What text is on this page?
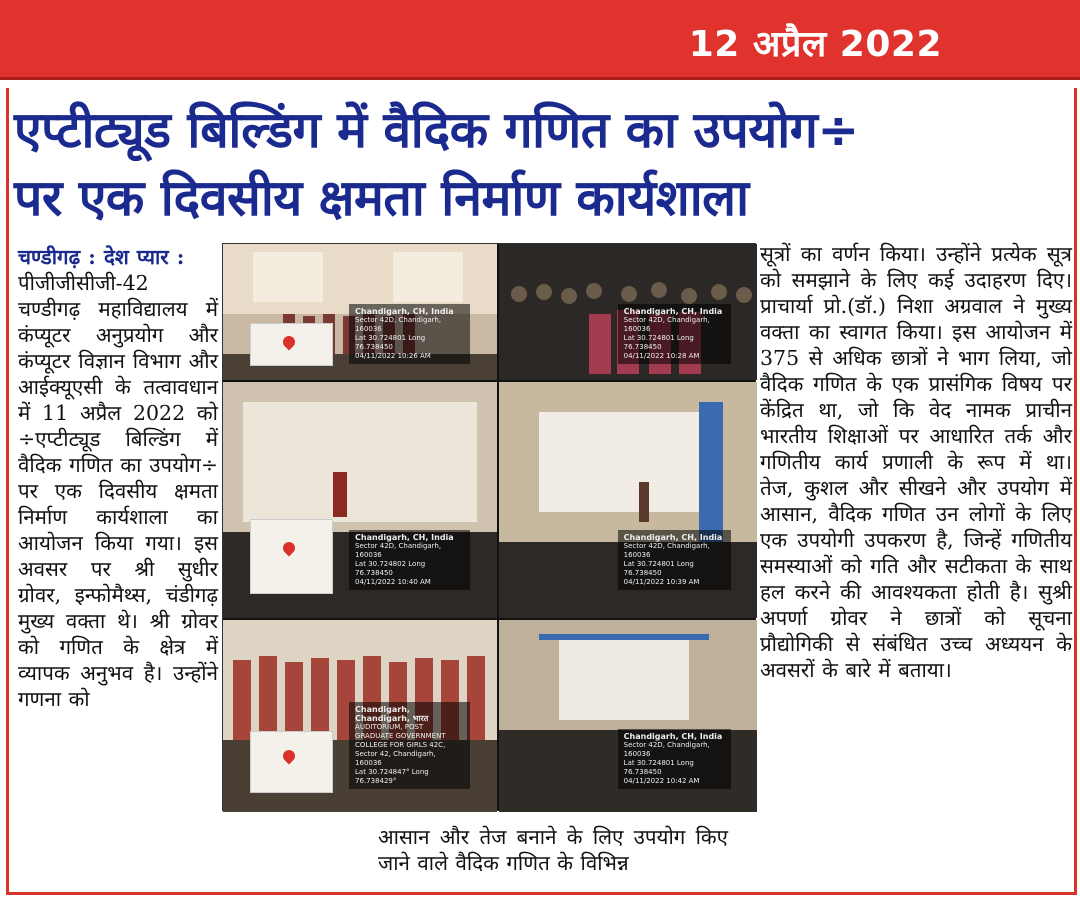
12 अप्रैल 2022
एप्टीट्यूड बिल्डिंग में वैदिक गणित का उपयोग÷
पर एक दिवसीय क्षमता निर्माण कार्यशाला
चण्डीगढ़ : देश प्यार :
पीजीजीसीजी-42 चण्डीगढ़ महाविद्यालय में कंप्यूटर अनुप्रयोग और कंप्यूटर विज्ञान विभाग और आईक्यूएसी के तत्वावधान में 11 अप्रैल 2022 को ÷एप्टीट्यूड बिल्डिंग में वैदिक गणित का उपयोग÷ पर एक दिवसीय क्षमता निर्माण कार्यशाला का आयोजन किया गया। इस अवसर पर श्री सुधीर ग्रोवर, इन्फोमैथ्स, चंडीगढ़ मुख्य वक्ता थे। श्री ग्रोवर को गणित के क्षेत्र में व्यापक अनुभव है। उन्होंने गणना को
Chandigarh, CH, India
Sector 42D, Chandigarh, 160036
Lat 30.724801 Long 76.738450
04/11/2022 10:26 AM
Chandigarh, CH, India
Sector 42D, Chandigarh, 160036
Lat 30.724801 Long 76.738450
04/11/2022 10:28 AM
Chandigarh, CH, India
Sector 42D, Chandigarh, 160036
Lat 30.724802 Long 76.738450
04/11/2022 10:40 AM
Chandigarh, CH, India
Sector 42D, Chandigarh, 160036
Lat 30.724801 Long 76.738450
04/11/2022 10:39 AM
Chandigarh, Chandigarh, भारत
AUDITORIUM, POST GRADUATE GOVERNMENT COLLEGE FOR GIRLS 42C, Sector 42, Chandigarh, 160036
Lat 30.724847° Long 76.738429°
Chandigarh, CH, India
Sector 42D, Chandigarh, 160036
Lat 30.724801 Long 76.738450
04/11/2022 10:42 AM
आसान और तेज बनाने के लिए उपयोग किए जाने वाले वैदिक गणित के विभिन्न
सूत्रों का वर्णन किया। उन्होंने प्रत्येक सूत्र को समझाने के लिए कई उदाहरण दिए। प्राचार्या प्रो.(डॉ.) निशा अग्रवाल ने मुख्य वक्ता का स्वागत किया। इस आयोजन में 375 से अधिक छात्रों ने भाग लिया, जो वैदिक गणित के एक प्रासंगिक विषय पर केंद्रित था, जो कि वेद नामक प्राचीन भारतीय शिक्षाओं पर आधारित तर्क और गणितीय कार्य प्रणाली के रूप में था। तेज, कुशल और सीखने और उपयोग में आसान, वैदिक गणित उन लोगों के लिए एक उपयोगी उपकरण है, जिन्हें गणितीय समस्याओं को गति और सटीकता के साथ हल करने की आवश्यकता होती है। सुश्री अपर्णा ग्रोवर ने छात्रों को सूचना प्रौद्योगिकी से संबंधित उच्च अध्ययन के अवसरों के बारे में बताया।
